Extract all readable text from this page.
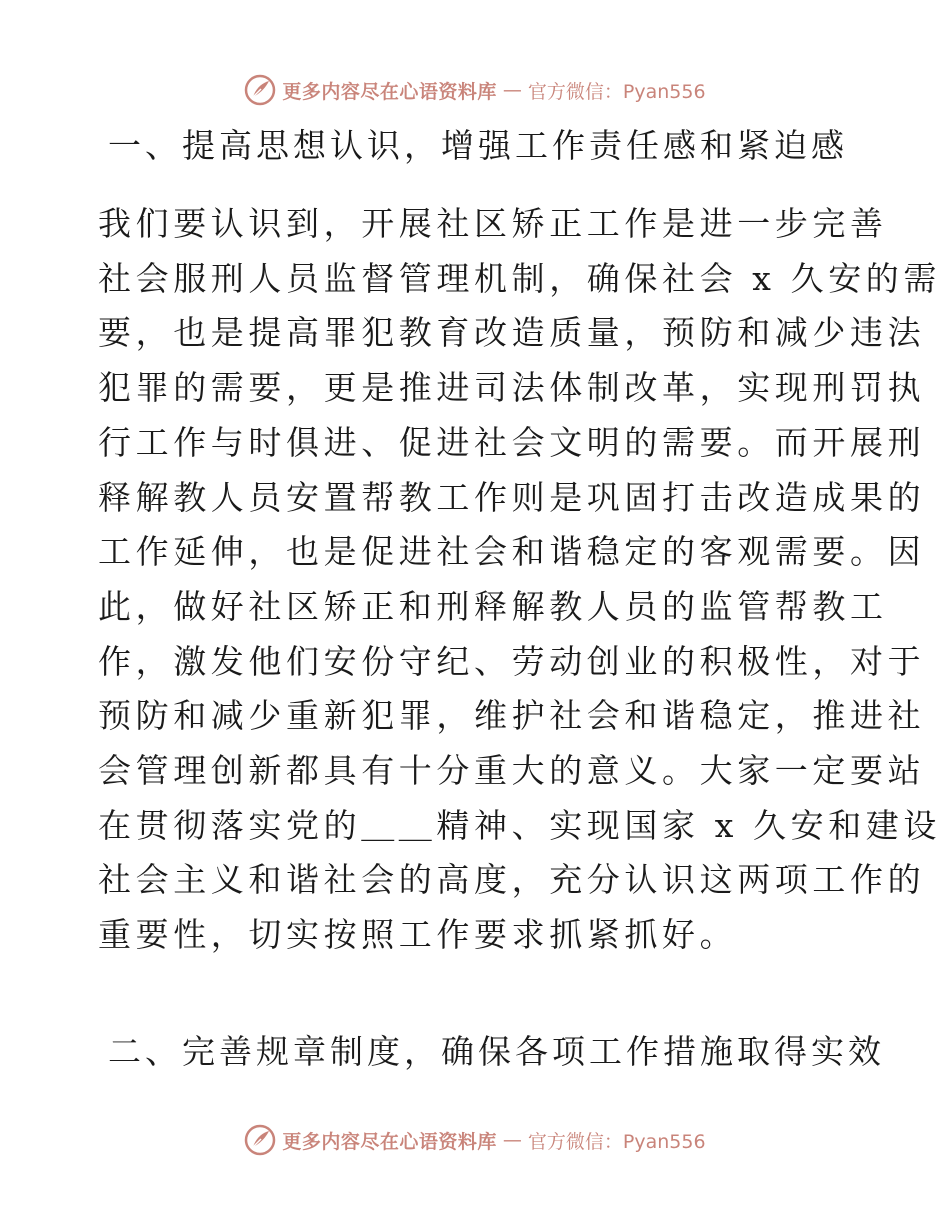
更多内容尽在心语资料库 — 官方微信：Pyan556
一、提高思想认识，增强工作责任感和紧迫感
我们要认识到，开展社区矫正工作是进一步完善
社会服刑人员监督管理机制，确保社会 x 久安的需
要，也是提高罪犯教育改造质量，预防和减少违法
犯罪的需要，更是推进司法体制改革，实现刑罚执
行工作与时俱进、促进社会文明的需要。而开展刑
释解教人员安置帮教工作则是巩固打击改造成果的
工作延伸，也是促进社会和谐稳定的客观需要。因
此，做好社区矫正和刑释解教人员的监管帮教工
作，激发他们安份守纪、劳动创业的积极性，对于
预防和减少重新犯罪，维护社会和谐稳定，推进社
会管理创新都具有十分重大的意义。大家一定要站
在贯彻落实党的＿＿精神、实现国家 x 久安和建设
社会主义和谐社会的高度，充分认识这两项工作的
重要性，切实按照工作要求抓紧抓好。
二、完善规章制度，确保各项工作措施取得实效
更多内容尽在心语资料库 — 官方微信：Pyan556
